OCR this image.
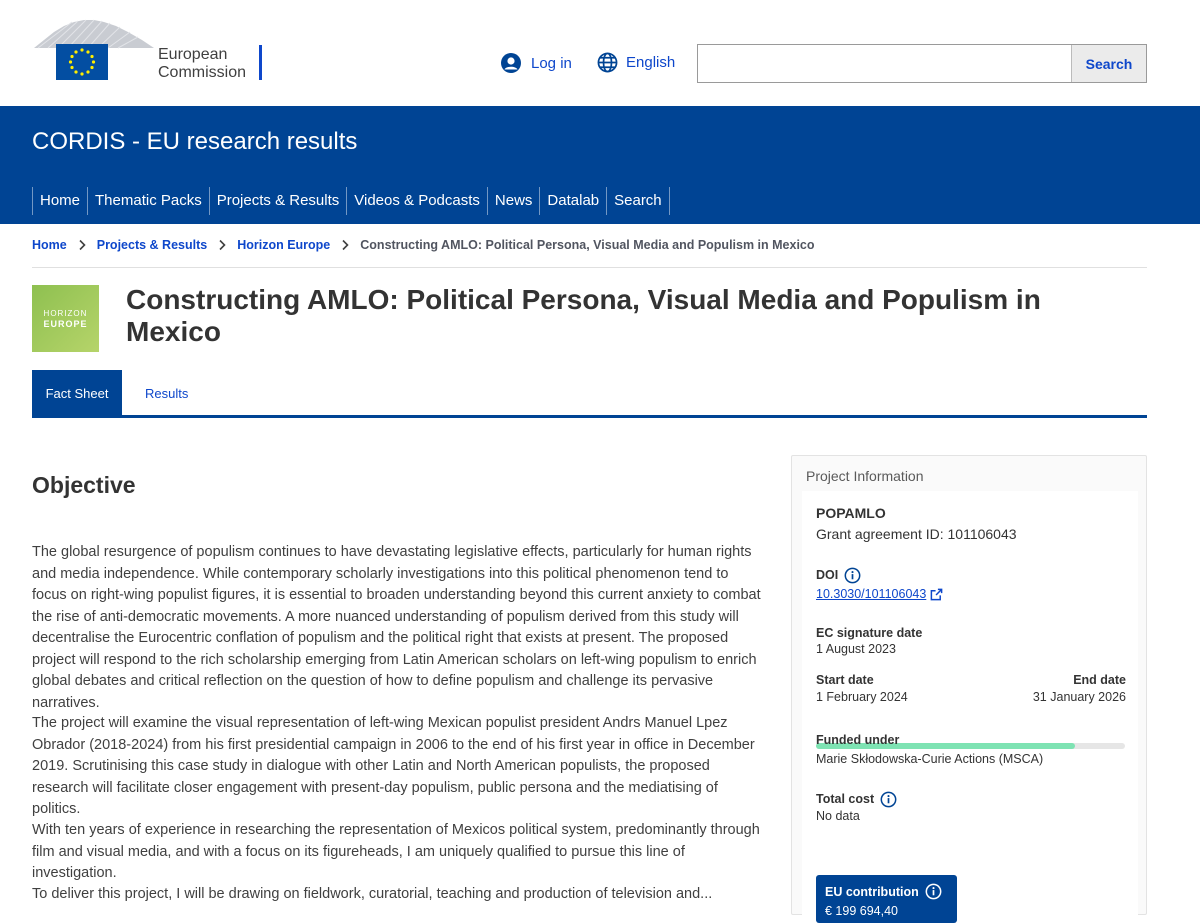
European
Commission
Log in	English	Search
CORDIS - EU research results
Home	Thematic Packs	Projects & Results	Videos & Podcasts	News	Datalab	Search
Home Projects & Results Horizon Europe Constructing AMLO: Political Persona, Visual Media and Populism in Mexico
HORIZON
EUROPE
Constructing AMLO: Political Persona, Visual Media and Populism in Mexico
Fact Sheet	Results
Objective

The global resurgence of populism continues to have devastating legislative effects, particularly for human rights and media independence. While contemporary scholarly investigations into this political phenomenon tend to focus on right-wing populist figures, it is essential to broaden understanding beyond this current anxiety to combat the rise of anti-democratic movements. A more nuanced understanding of populism derived from this study will decentralise the Eurocentric conflation of populism and the political right that exists at present. The proposed project will respond to the rich scholarship emerging from Latin American scholars on left-wing populism to enrich global debates and critical reflection on the question of how to define populism and challenge its pervasive narratives.

The project will examine the visual representation of left-wing Mexican populist president Andrs Manuel Lpez Obrador (2018-2024) from his first presidential campaign in 2006 to the end of his first year in office in December 2019. Scrutinising this case study in dialogue with other Latin and North American populists, the proposed research will facilitate closer engagement with present-day populism, public persona and the mediatising of politics.

With ten years of experience in researching the representation of Mexicos political system, predominantly through film and visual media, and with a focus on its figureheads, I am uniquely qualified to pursue this line of investigation.

To deliver this project, I will be drawing on fieldwork, curatorial, teaching and production of television and...

Project Information
POPAMLO
Grant agreement ID: 101106043
DOI
10.3030/101106043
EC signature date
1 August 2023
Start date
1 February 2024
End date
31 January 2026
Funded under
Marie Skłodowska-Curie Actions (MSCA)
Total cost
No data
EU contribution
€ 199 694,40
